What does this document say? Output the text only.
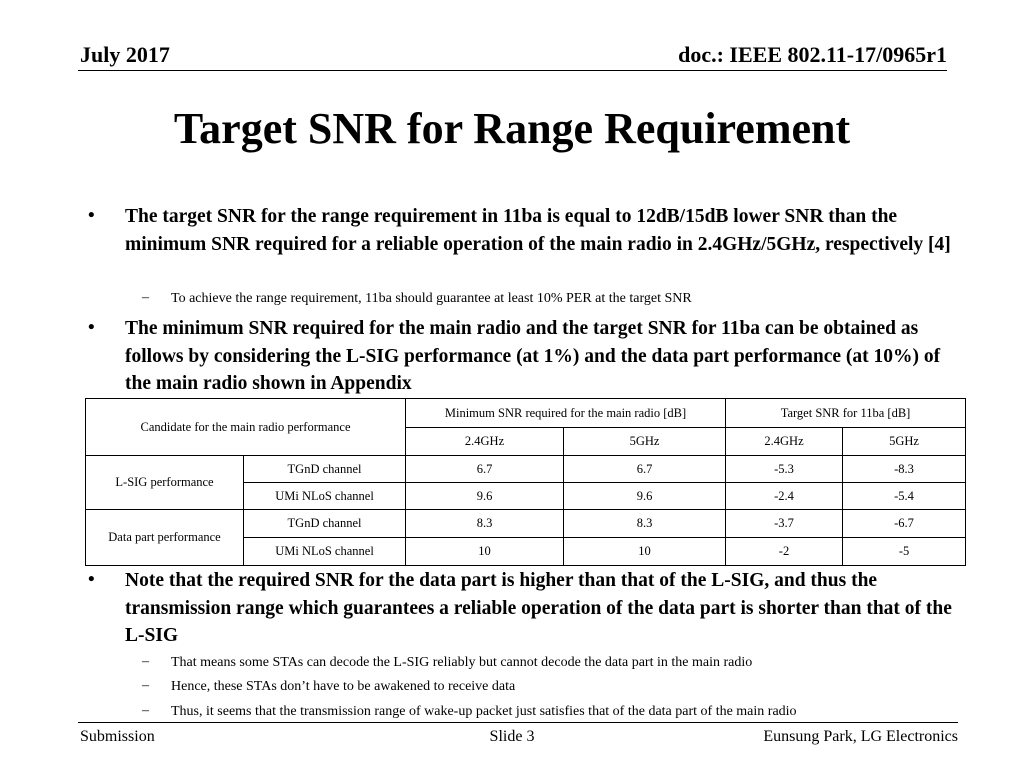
July 2017	doc.: IEEE 802.11-17/0965r1
Target SNR for Range Requirement
• The target SNR for the range requirement in 11ba is equal to 12dB/15dB lower SNR than the minimum SNR required for a reliable operation of the main radio in 2.4GHz/5GHz, respectively [4]
– To achieve the range requirement, 11ba should guarantee at least 10% PER at the target SNR
• The minimum SNR required for the main radio and the target SNR for 11ba can be obtained as follows by considering the L-SIG performance (at 1%) and the data part performance (at 10%) of the main radio shown in Appendix
Candidate for the main radio performance		Minimum SNR required for the main radio [dB]		Target SNR for 11ba [dB]	
		2.4GHz	5GHz	2.4GHz	5GHz
L-SIG performance	TGnD channel	6.7	6.7	-5.3	-8.3
	UMi NLoS channel	9.6	9.6	-2.4	-5.4
Data part performance	TGnD channel	8.3	8.3	-3.7	-6.7
	UMi NLoS channel	10	10	-2	-5
• Note that the required SNR for the data part is higher than that of the L-SIG, and thus the transmission range which guarantees a reliable operation of the data part is shorter than that of the L-SIG
– That means some STAs can decode the L-SIG reliably but cannot decode the data part in the main radio
– Hence, these STAs don’t have to be awakened to receive data
– Thus, it seems that the transmission range of wake-up packet just satisfies that of the data part of the main radio
Submission	Slide 3	Eunsung Park, LG Electronics
